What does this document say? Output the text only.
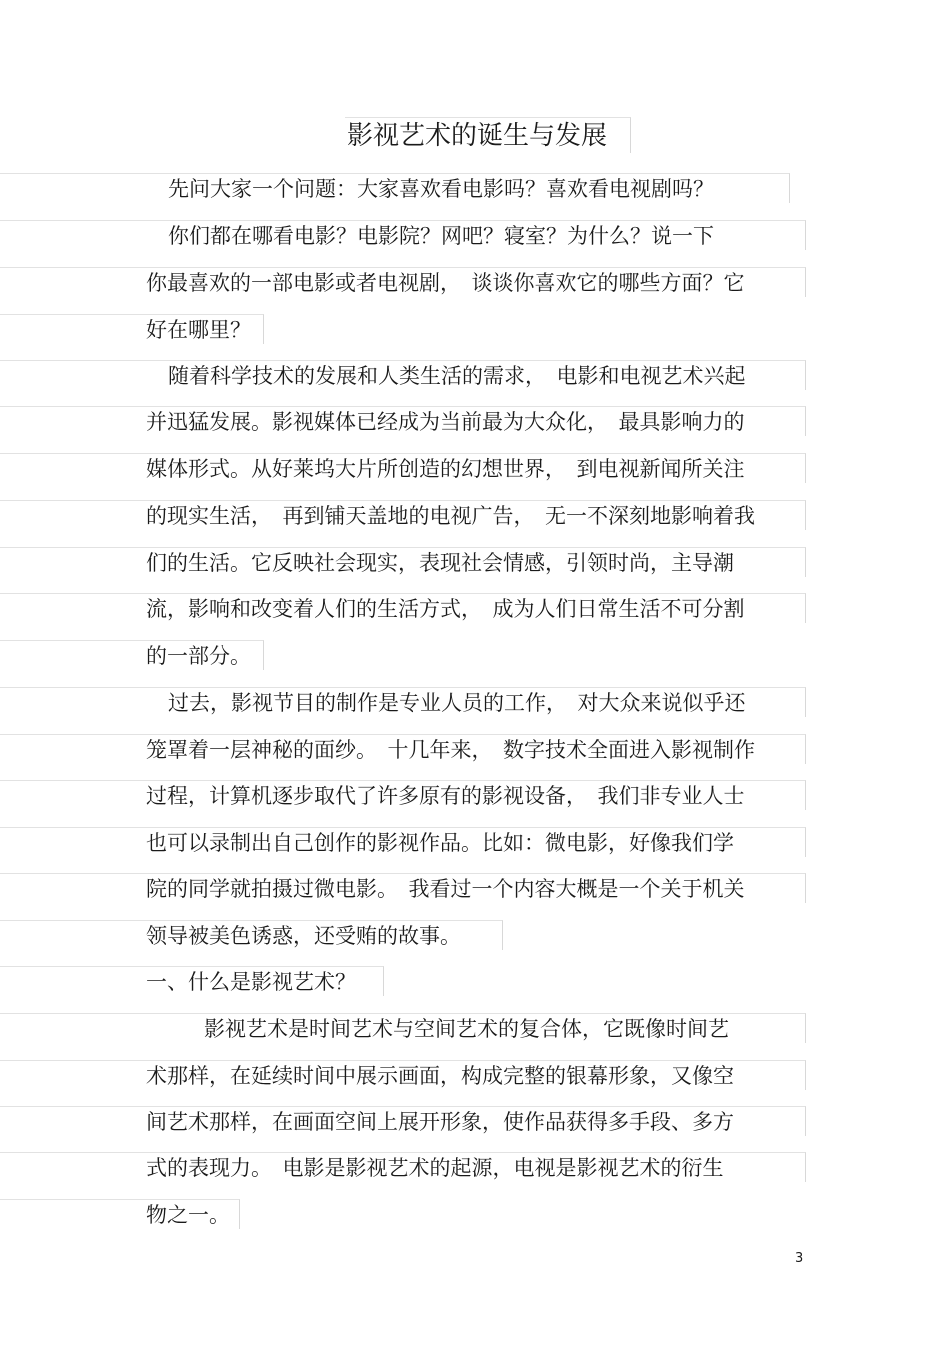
影视艺术的诞生与发展
先问大家一个问题：大家喜欢看电影吗？喜欢看电视剧吗？
你们都在哪看电影？电影院？网吧？寝室？为什么？说一下
你最喜欢的一部电影或者电视剧，　谈谈你喜欢它的哪些方面？它
好在哪里？
随着科学技术的发展和人类生活的需求，　电影和电视艺术兴起
并迅猛发展。影视媒体已经成为当前最为大众化，　最具影响力的
媒体形式。从好莱坞大片所创造的幻想世界，　到电视新闻所关注
的现实生活，　再到铺天盖地的电视广告，　无一不深刻地影响着我
们的生活。它反映社会现实，表现社会情感，引领时尚，主导潮
流，影响和改变着人们的生活方式，　成为人们日常生活不可分割
的一部分。
过去，影视节目的制作是专业人员的工作，　对大众来说似乎还
笼罩着一层神秘的面纱。　十几年来，　数字技术全面进入影视制作
过程，计算机逐步取代了许多原有的影视设备，　我们非专业人士
也可以录制出自己创作的影视作品。比如：微电影，好像我们学
院的同学就拍摄过微电影。　我看过一个内容大概是一个关于机关
领导被美色诱惑，还受贿的故事。
一、什么是影视艺术？
影视艺术是时间艺术与空间艺术的复合体，它既像时间艺
术那样，在延续时间中展示画面，构成完整的银幕形象，又像空
间艺术那样，在画面空间上展开形象，使作品获得多手段、多方
式的表现力。　电影是影视艺术的起源，电视是影视艺术的衍生
物之一。
3
